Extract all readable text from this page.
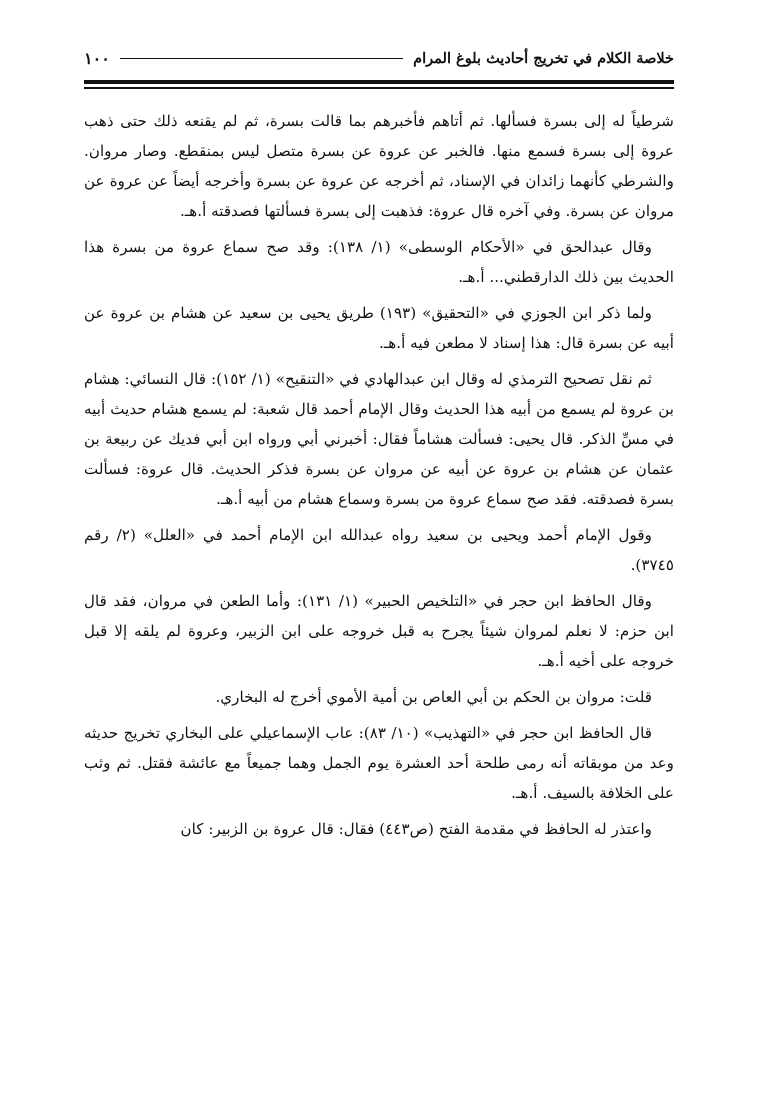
خلاصة الكلام في تخريج أحاديث بلوغ المرام
١٠٠

شرطياً له إلى بسرة فسألها. ثم أتاهم فأخبرهم بما قالت بسرة، ثم لم يقنعه ذلك حتى ذهب عروة إلى بسرة فسمع منها. فالخبر عن عروة عن بسرة متصل ليس بمنقطع. وصار مروان. والشرطي كأنهما زائدان في الإسناد، ثم أخرجه عن عروة عن بسرة وأخرجه أيضاً عن عروة عن مروان عن بسرة. وفي آخره قال عروة: فذهبت إلى بسرة فسألتها فصدقته أ.هـ.

وقال عبدالحق في «الأحكام الوسطى» (١/ ١٣٨): وقد صح سماع عروة من بسرة هذا الحديث بين ذلك الدارقطني... أ.هـ.

ولما ذكر ابن الجوزي في «التحقيق» (١٩٣) طريق يحيى بن سعيد عن هشام بن عروة عن أبيه عن بسرة قال: هذا إسناد لا مطعن فيه أ.هـ.

ثم نقل تصحيح الترمذي له وقال ابن عبدالهادي في «التنقيح» (١/ ١٥٢): قال النسائي: هشام بن عروة لم يسمع من أبيه هذا الحديث وقال الإمام أحمد قال شعبة: لم يسمع هشام حديث أبيه في مسِّ الذكر. قال يحيى: فسألت هشاماً فقال: أخبرني أبي ورواه ابن أبي فديك عن ربيعة بن عثمان عن هشام بن عروة عن أبيه عن مروان عن بسرة فذكر الحديث. قال عروة: فسألت بسرة فصدقته. فقد صح سماع عروة من بسرة وسماع هشام من أبيه أ.هـ.

وقول الإمام أحمد ويحيى بن سعيد رواه عبدالله ابن الإمام أحمد في «العلل» (٢/ رقم ٣٧٤٥).

وقال الحافظ ابن حجر في «التلخيص الحبير» (١/ ١٣١): وأما الطعن في مروان، فقد قال ابن حزم: لا نعلم لمروان شيئاً يجرح به قبل خروجه على ابن الزبير، وعروة لم يلقه إلا قبل خروجه على أخيه أ.هـ.

قلت: مروان بن الحكم بن أبي العاص بن أمية الأموي أخرج له البخاري.

قال الحافظ ابن حجر في «التهذيب» (١٠/ ٨٣): عاب الإسماعيلي على البخاري تخريج حديثه وعد من موبقاته أنه رمى طلحة أحد العشرة يوم الجمل وهما جميعاً مع عائشة فقتل. ثم وثب على الخلافة بالسيف. أ.هـ.

واعتذر له الحافظ في مقدمة الفتح (ص٤٤٣) فقال: قال عروة بن الزبير: كان
